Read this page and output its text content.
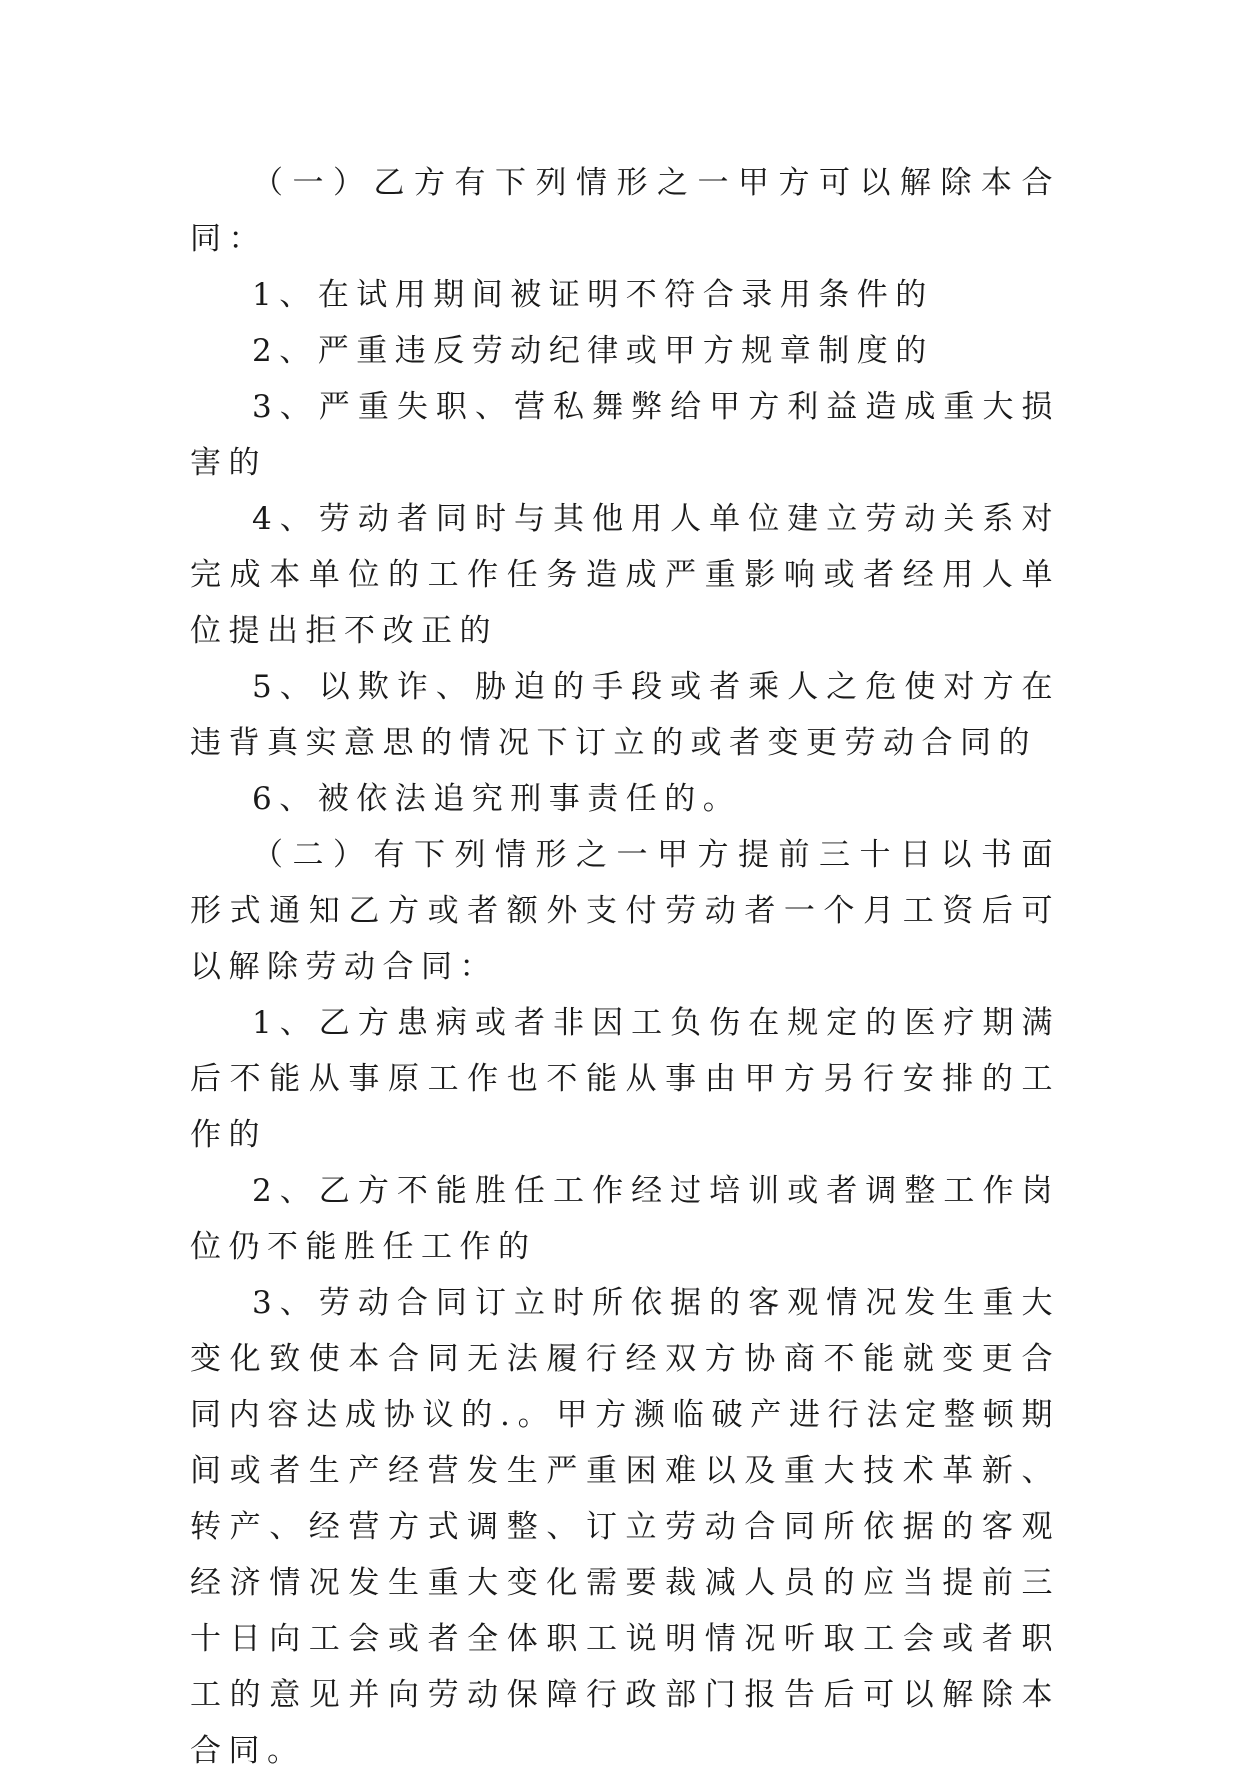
（一）乙方有下列情形之一甲方可以解除本合同：

1、在试用期间被证明不符合录用条件的

2、严重违反劳动纪律或甲方规章制度的

3、严重失职、营私舞弊给甲方利益造成重大损害的

4、劳动者同时与其他用人单位建立劳动关系对完成本单位的工作任务造成严重影响或者经用人单位提出拒不改正的

5、以欺诈、胁迫的手段或者乘人之危使对方在违背真实意思的情况下订立的或者变更劳动合同的

6、被依法追究刑事责任的。

（二）有下列情形之一甲方提前三十日以书面形式通知乙方或者额外支付劳动者一个月工资后可以解除劳动合同：

1、乙方患病或者非因工负伤在规定的医疗期满后不能从事原工作也不能从事由甲方另行安排的工作的

2、乙方不能胜任工作经过培训或者调整工作岗位仍不能胜任工作的

3、劳动合同订立时所依据的客观情况发生重大变化致使本合同无法履行经双方协商不能就变更合同内容达成协议的.。甲方濒临破产进行法定整顿期间或者生产经营发生严重困难以及重大技术革新、转产、经营方式调整、订立劳动合同所依据的客观经济情况发生重大变化需要裁减人员的应当提前三十日向工会或者全体职工说明情况听取工会或者职工的意见并向劳动保障行政部门报告后可以解除本合同。
